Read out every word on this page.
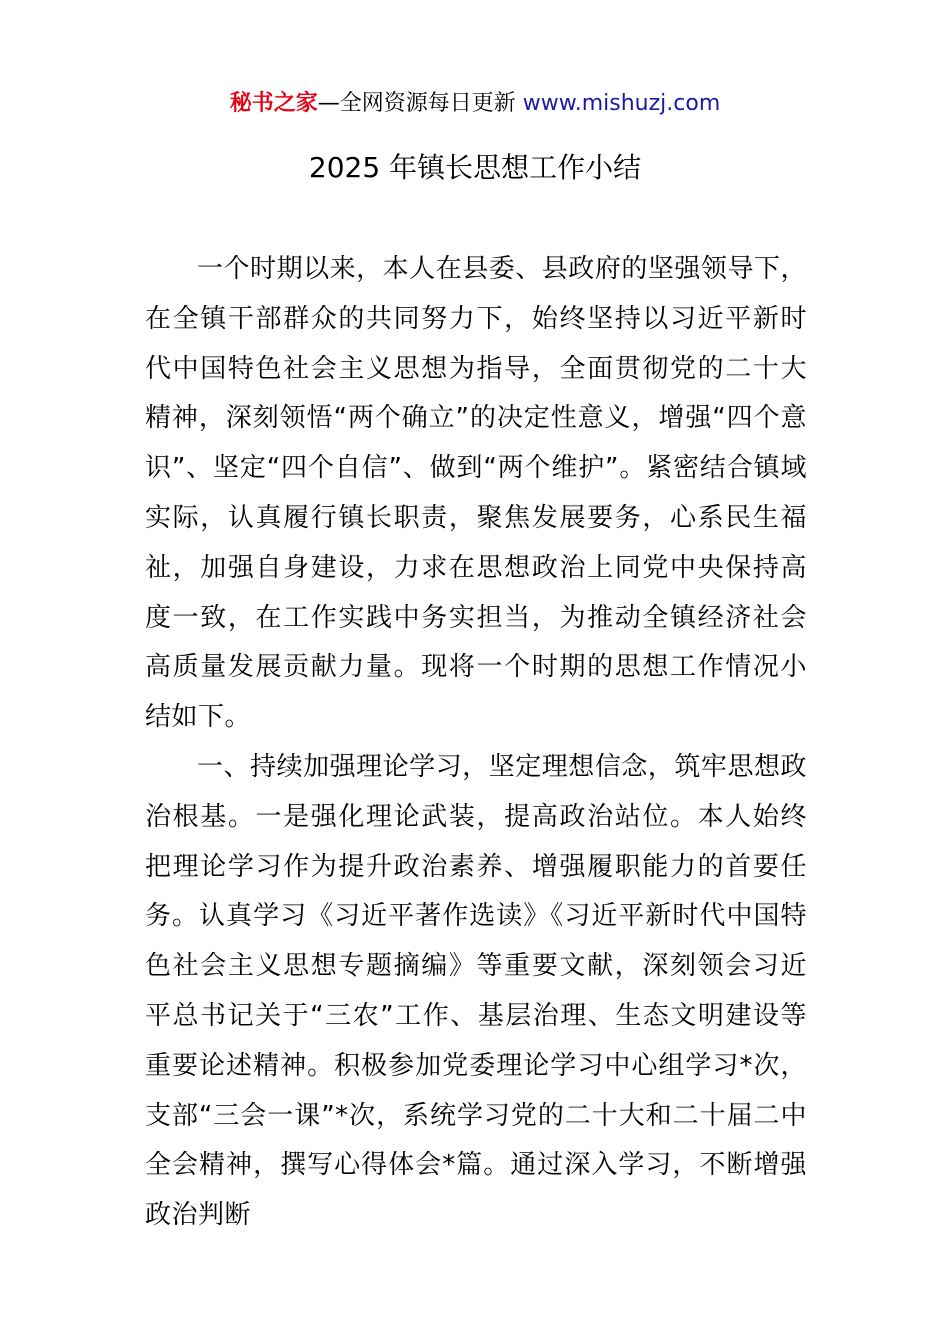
秘书之家—全网资源每日更新 www.mishuzj.com
2025 年镇长思想工作小结

一个时期以来，本人在县委、县政府的坚强领导下，在全镇干部群众的共同努力下，始终坚持以习近平新时代中国特色社会主义思想为指导，全面贯彻党的二十大精神，深刻领悟“两个确立”的决定性意义，增强“四个意识”、坚定“四个自信”、做到“两个维护”。紧密结合镇域实际，认真履行镇长职责，聚焦发展要务，心系民生福祉，加强自身建设，力求在思想政治上同党中央保持高度一致，在工作实践中务实担当，为推动全镇经济社会高质量发展贡献力量。现将一个时期的思想工作情况小结如下。

一、持续加强理论学习，坚定理想信念，筑牢思想政治根基。一是强化理论武装，提高政治站位。本人始终把理论学习作为提升政治素养、增强履职能力的首要任务。认真学习《习近平著作选读》《习近平新时代中国特色社会主义思想专题摘编》等重要文献，深刻领会习近平总书记关于“三农”工作、基层治理、生态文明建设等重要论述精神。积极参加党委理论学习中心组学习*次，支部“三会一课”*次，系统学习党的二十大和二十届二中全会精神，撰写心得体会*篇。通过深入学习，不断增强政治判断
